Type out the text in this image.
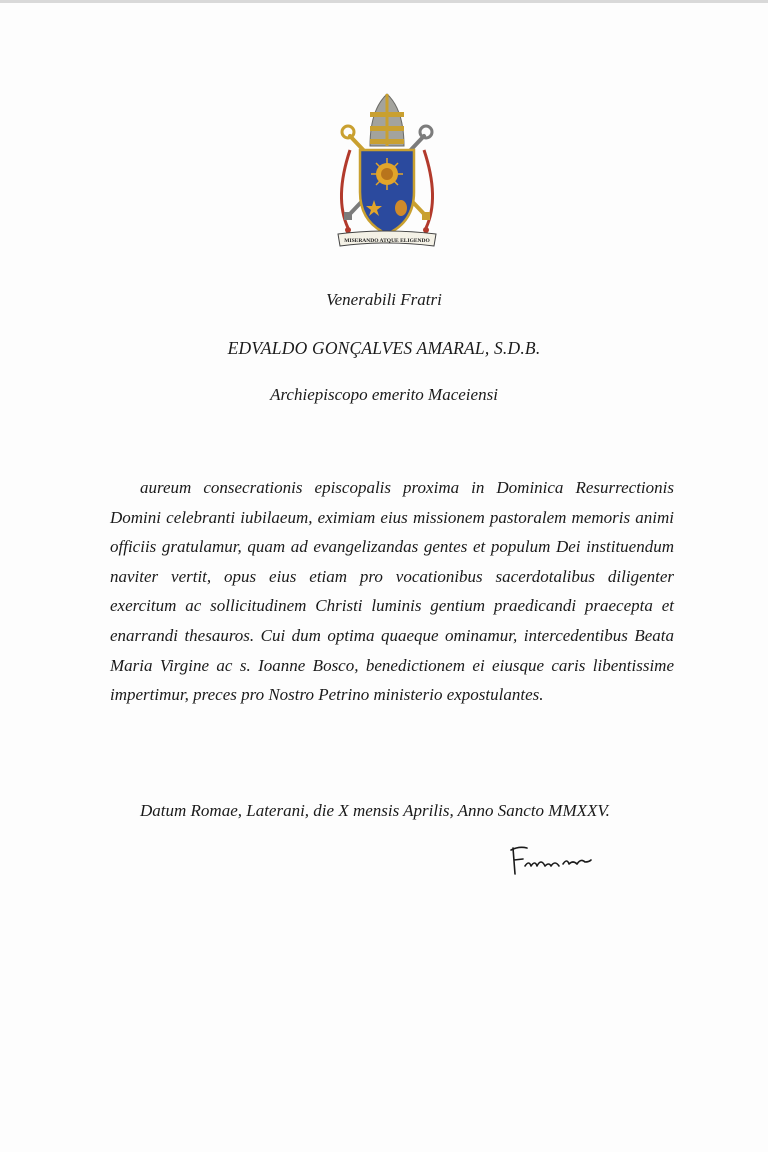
MISERANDO ATQUE ELIGENDO
Venerabili Fratri
EDVALDO GONÇALVES AMARAL, S.D.B.
Archiepiscopo emerito Maceiensi
aureum consecrationis episcopalis proxima in Dominica Resurrectionis Domini celebranti iubilaeum, eximiam eius missionem pastoralem memoris animi officiis gratulamur, quam ad evangelizandas gentes et populum Dei instituendum naviter vertit, opus eius etiam pro vocationibus sacerdotalibus diligenter exercitum ac sollicitudinem Christi luminis gentium praedicandi praecepta et enarrandi thesauros. Cui dum optima quaeque ominamur, intercedentibus Beata Maria Virgine ac s. Ioanne Bosco, benedictionem ei eiusque caris libentissime impertimur, preces pro Nostro Petrino ministerio expostulantes.
Datum Romae, Laterani, die X mensis Aprilis, Anno Sancto MMXXV.
